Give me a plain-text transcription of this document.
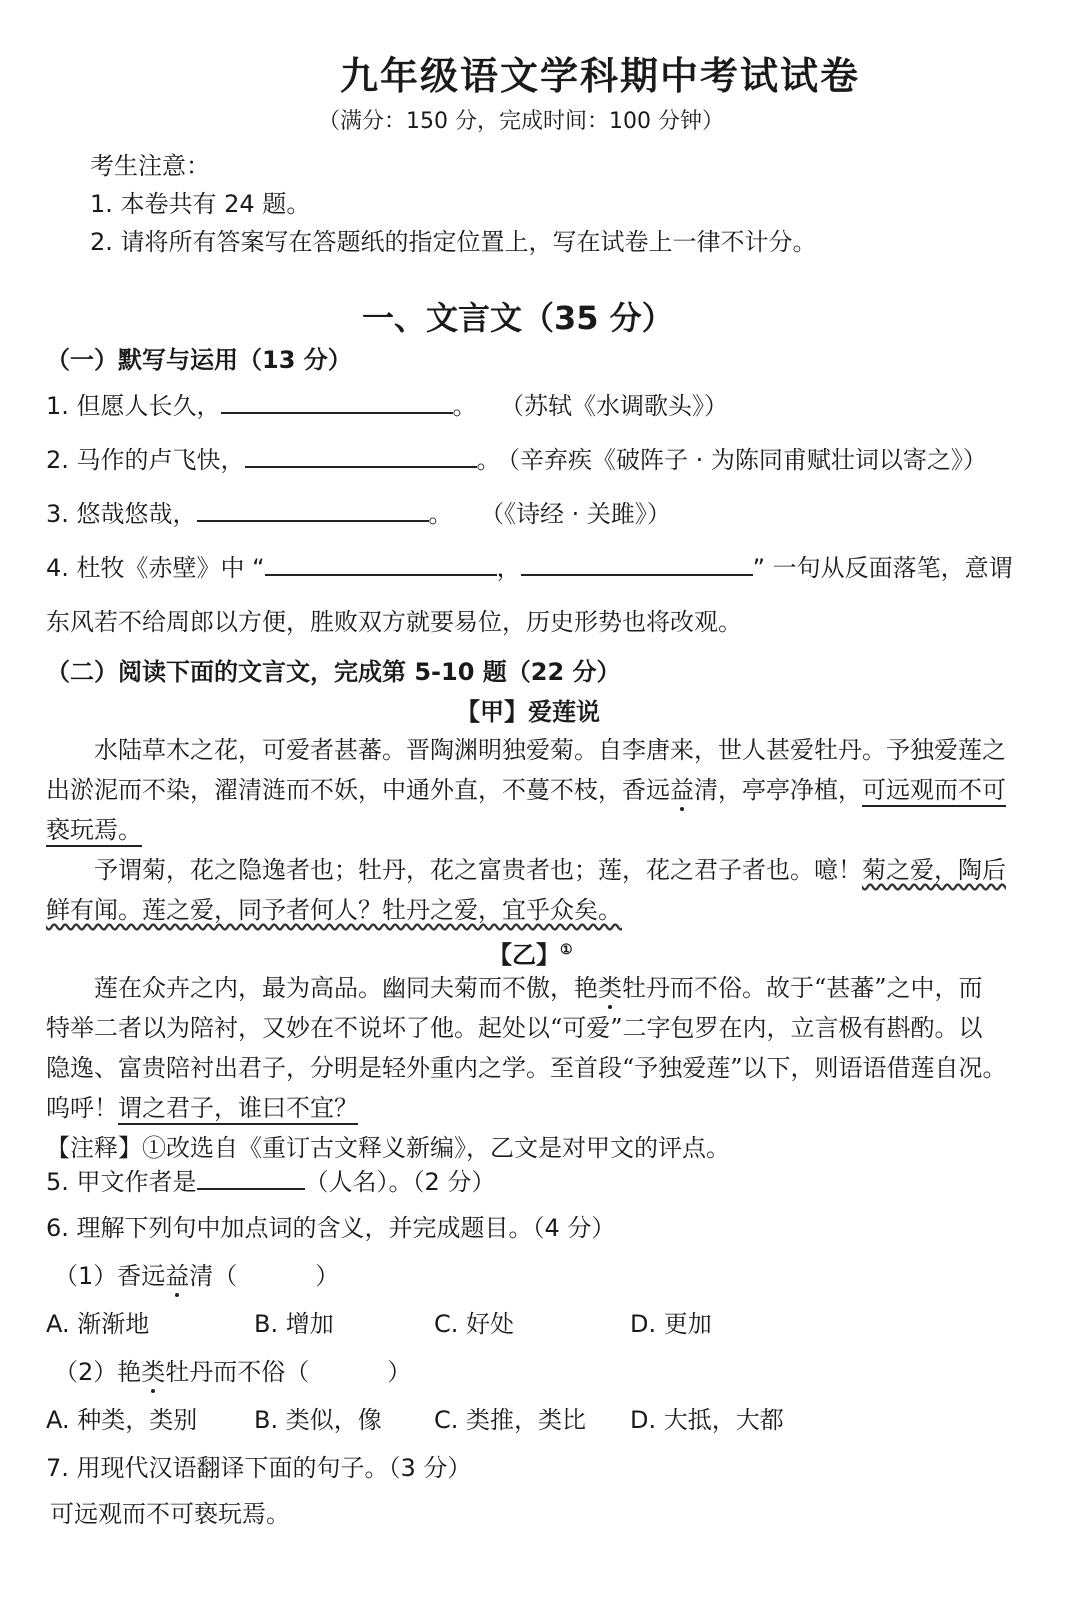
九年级语文学科期中考试试卷
（满分：150 分，完成时间：100 分钟）
考生注意：
1. 本卷共有 24 题。
2. 请将所有答案写在答题纸的指定位置上，写在试卷上一律不计分。
一、文言文（35 分）
（一）默写与运用（13 分）
1. 但愿人长久，	。 （苏轼《水调歌头》）
2. 马作的卢飞快，	。
（辛弃疾《破阵子 · 为陈同甫赋壮词以寄之》）
3. 悠哉悠哉，	。 （《诗经 · 关雎》）
4. 杜牧《赤壁》中 “	，	” 一句从反面落笔，意谓
东风若不给周郎以方便，胜败双方就要易位，历史形势也将改观。
（二）阅读下面的文言文，完成第 5-10 题（22 分）
【甲】爱莲说
水陆草木之花，可爱者甚蕃。晋陶渊明独爱菊。自李唐来，世人甚爱牡丹。予独爱莲之
出淤泥而不染，濯清涟而不妖，中通外直，不蔓不枝，香远益清，亭亭净植，可远观而不可
亵玩焉。
予谓菊，花之隐逸者也；牡丹，花之富贵者也；莲，花之君子者也。噫！菊之爱，陶后
鲜有闻。莲之爱，同予者何人？牡丹之爱，宜乎众矣。
【乙】①
莲在众卉之内，最为高品。幽同夫菊而不傲，艳类牡丹而不俗。故于“甚蕃”之中，而
特举二者以为陪衬，又妙在不说坏了他。起处以“可爱”二字包罗在内，立言极有斟酌。以
隐逸、富贵陪衬出君子，分明是轻外重内之学。至首段“予独爱莲”以下，则语语借莲自况。
呜呼！谓之君子，谁曰不宜？
【注释】①改选自《重订古文释义新编》，乙文是对甲文的评点。
5. 甲文作者是	（人名）。（2 分）
6. 理解下列句中加点词的含义，并完成题目。（4 分）
（1）香远益清（	）
A. 渐渐地	B. 增加	C. 好处	D. 更加
（2）艳类牡丹而不俗（	）
A. 种类，类别 B. 类似，像 C. 类推，类比 D. 大抵，大都
7. 用现代汉语翻译下面的句子。（3 分）
可远观而不可亵玩焉。
